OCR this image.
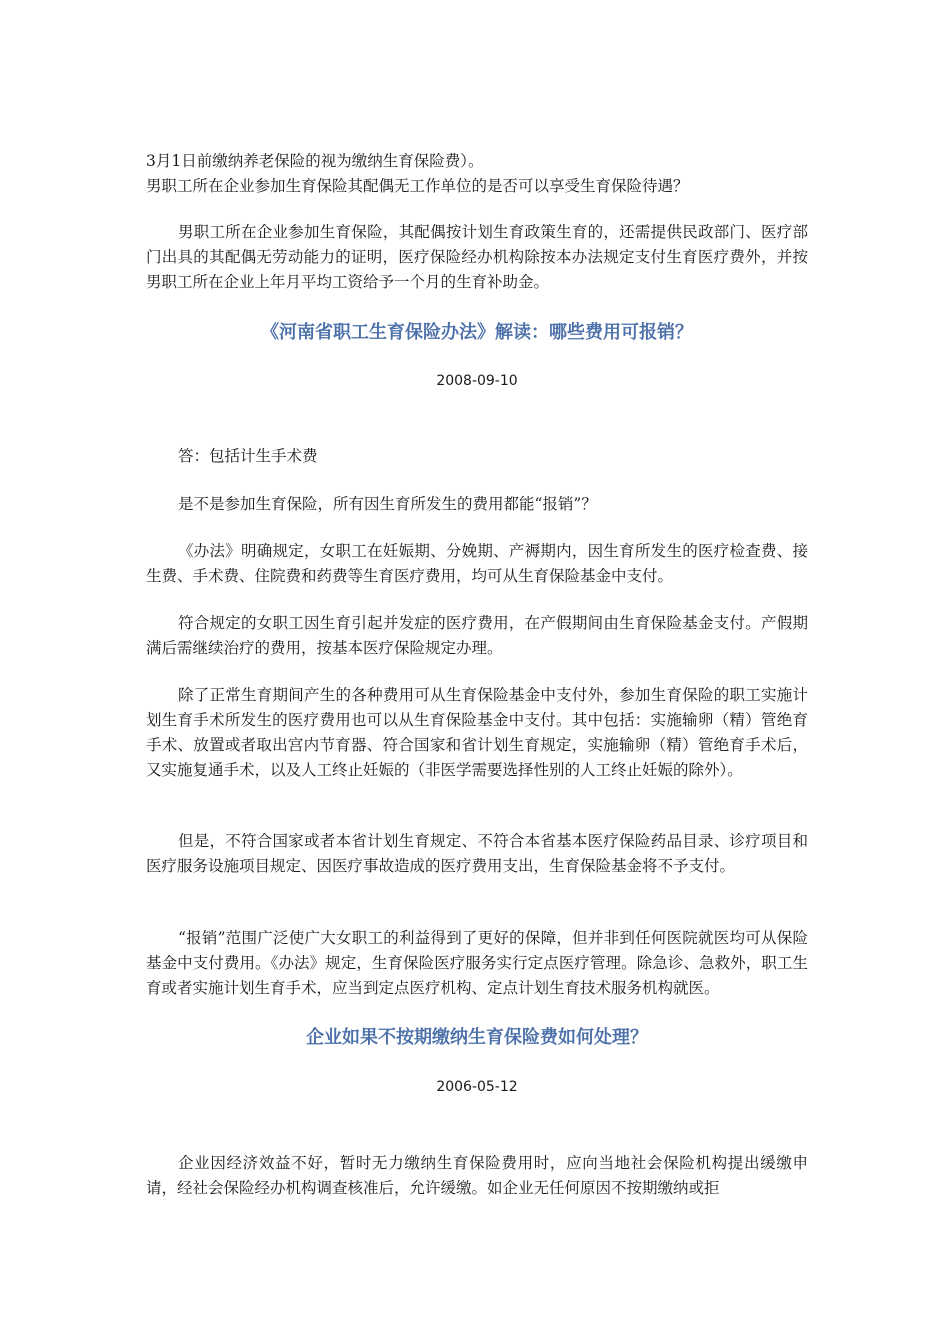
3月1日前缴纳养老保险的视为缴纳生育保险费）。
男职工所在企业参加生育保险其配偶无工作单位的是否可以享受生育保险待遇？
男职工所在企业参加生育保险，其配偶按计划生育政策生育的，还需提供民政部门、医疗部门出具的其配偶无劳动能力的证明，医疗保险经办机构除按本办法规定支付生育医疗费外，并按男职工所在企业上年月平均工资给予一个月的生育补助金。
《河南省职工生育保险办法》解读：哪些费用可报销？
2008-09-10
答：包括计生手术费
是不是参加生育保险，所有因生育所发生的费用都能“报销”？
《办法》明确规定，女职工在妊娠期、分娩期、产褥期内，因生育所发生的医疗检查费、接生费、手术费、住院费和药费等生育医疗费用，均可从生育保险基金中支付。
符合规定的女职工因生育引起并发症的医疗费用，在产假期间由生育保险基金支付。产假期满后需继续治疗的费用，按基本医疗保险规定办理。
除了正常生育期间产生的各种费用可从生育保险基金中支付外，参加生育保险的职工实施计划生育手术所发生的医疗费用也可以从生育保险基金中支付。其中包括：实施输卵（精）管绝育手术、放置或者取出宫内节育器、符合国家和省计划生育规定，实施输卵（精）管绝育手术后，又实施复通手术，以及人工终止妊娠的（非医学需要选择性别的人工终止妊娠的除外）。
但是，不符合国家或者本省计划生育规定、不符合本省基本医疗保险药品目录、诊疗项目和医疗服务设施项目规定、因医疗事故造成的医疗费用支出，生育保险基金将不予支付。
“报销”范围广泛使广大女职工的利益得到了更好的保障，但并非到任何医院就医均可从保险基金中支付费用。《办法》规定，生育保险医疗服务实行定点医疗管理。除急诊、急救外，职工生育或者实施计划生育手术，应当到定点医疗机构、定点计划生育技术服务机构就医。
企业如果不按期缴纳生育保险费如何处理？
2006-05-12
企业因经济效益不好，暂时无力缴纳生育保险费用时，应向当地社会保险机构提出缓缴申请，经社会保险经办机构调查核准后，允许缓缴。如企业无任何原因不按期缴纳或拒
